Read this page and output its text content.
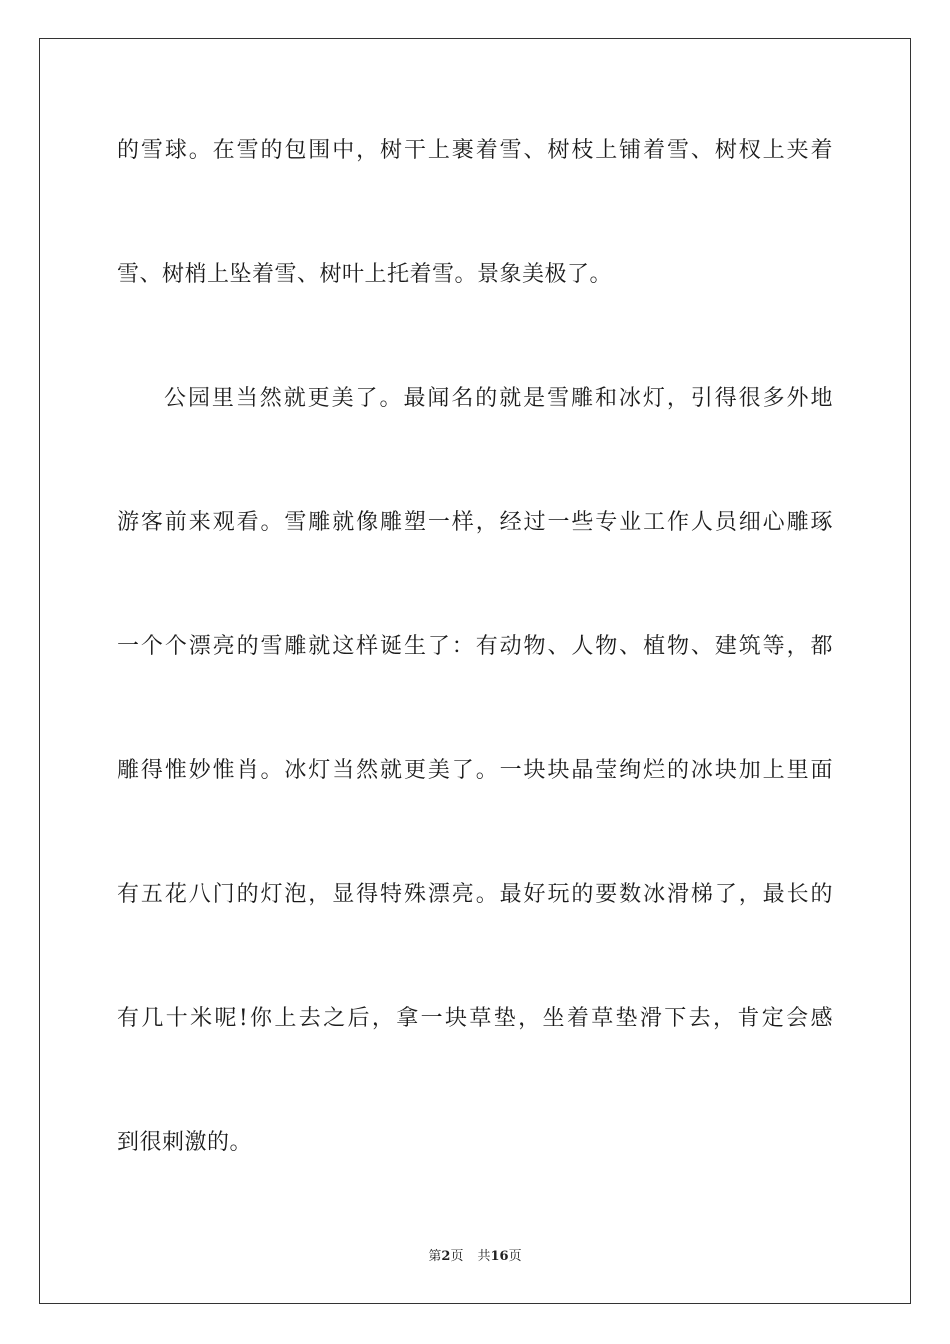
的雪球。在雪的包围中，树干上裹着雪、树枝上铺着雪、树杈上夹着
雪、树梢上坠着雪、树叶上托着雪。景象美极了。
公园里当然就更美了。最闻名的就是雪雕和冰灯，引得很多外地
游客前来观看。雪雕就像雕塑一样，经过一些专业工作人员细心雕琢
一个个漂亮的雪雕就这样诞生了：有动物、人物、植物、建筑等，都
雕得惟妙惟肖。冰灯当然就更美了。一块块晶莹绚烂的冰块加上里面
有五花八门的灯泡，显得特殊漂亮。最好玩的要数冰滑梯了，最长的
有几十米呢!你上去之后，拿一块草垫，坐着草垫滑下去，肯定会感
到很刺激的。
第2页 共16页
